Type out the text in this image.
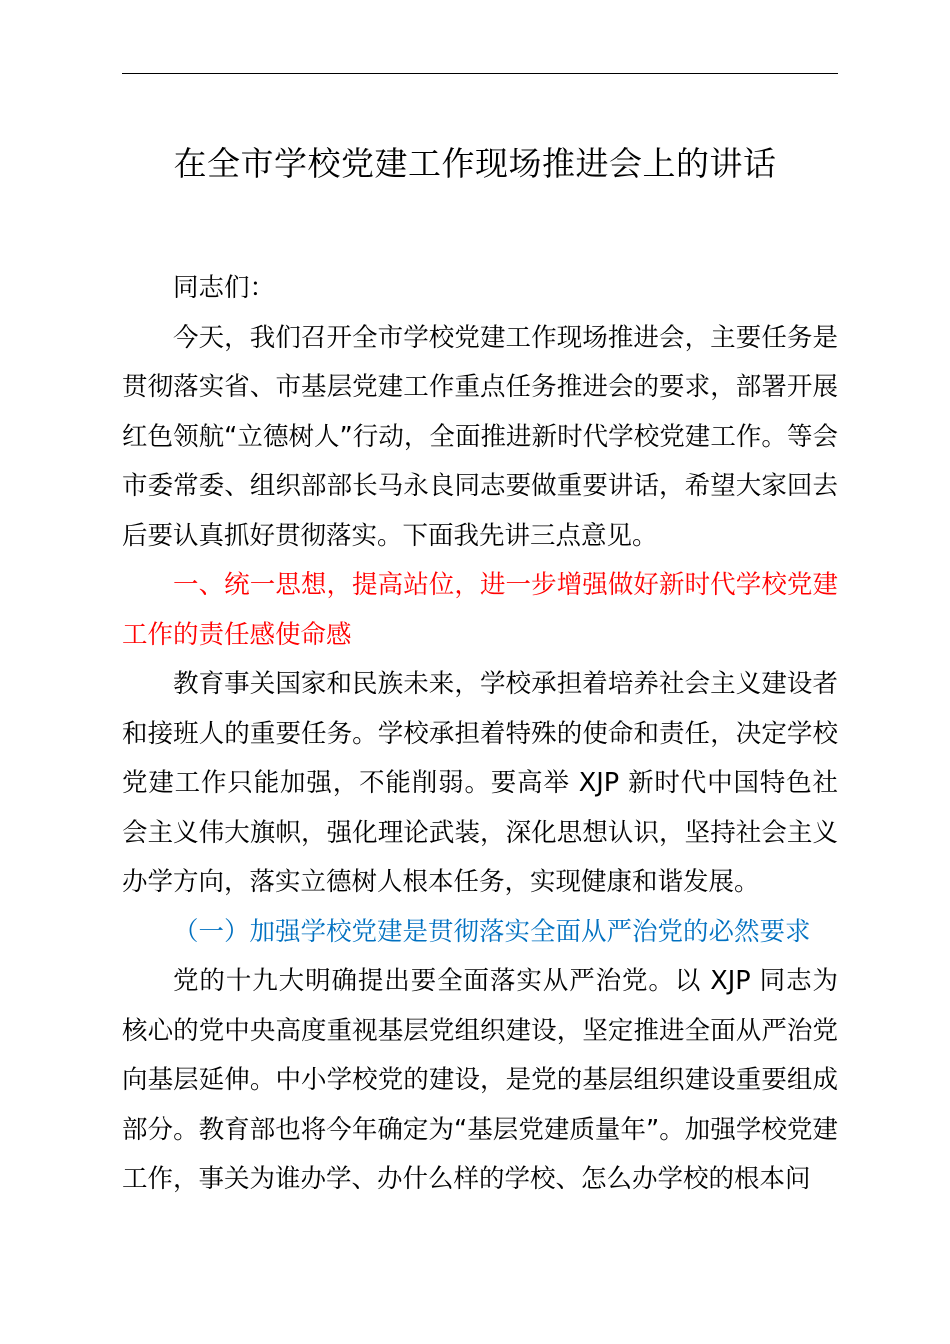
在全市学校党建工作现场推进会上的讲话

同志们：

今天，我们召开全市学校党建工作现场推进会，主要任务是贯彻落实省、市基层党建工作重点任务推进会的要求，部署开展红色领航“立德树人”行动，全面推进新时代学校党建工作。等会市委常委、组织部部长马永良同志要做重要讲话，希望大家回去后要认真抓好贯彻落实。下面我先讲三点意见。

一、统一思想，提高站位，进一步增强做好新时代学校党建工作的责任感使命感

教育事关国家和民族未来，学校承担着培养社会主义建设者和接班人的重要任务。学校承担着特殊的使命和责任，决定学校党建工作只能加强，不能削弱。要高举 XJP 新时代中国特色社会主义伟大旗帜，强化理论武装，深化思想认识，坚持社会主义办学方向，落实立德树人根本任务，实现健康和谐发展。

（一）加强学校党建是贯彻落实全面从严治党的必然要求

党的十九大明确提出要全面落实从严治党。以 XJP 同志为核心的党中央高度重视基层党组织建设，坚定推进全面从严治党向基层延伸。中小学校党的建设，是党的基层组织建设重要组成部分。教育部也将今年确定为“基层党建质量年”。加强学校党建工作，事关为谁办学、办什么样的学校、怎么办学校的根本问
